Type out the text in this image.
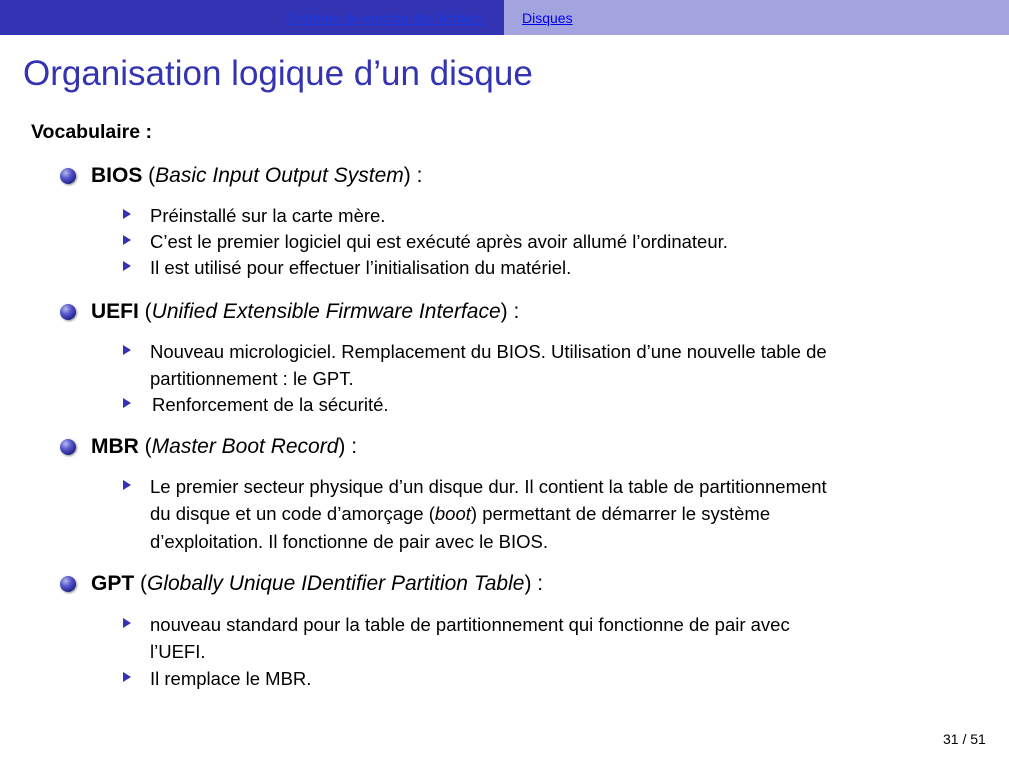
Système de gestion des fichiers	Disques
Organisation logique d’un disque
Vocabulaire :
BIOS (Basic Input Output System) :
Préinstallé sur la carte mère.
C’est le premier logiciel qui est exécuté après avoir allumé l’ordinateur.
Il est utilisé pour effectuer l’initialisation du matériel.
UEFI (Unified Extensible Firmware Interface) :
Nouveau micrologiciel. Remplacement du BIOS. Utilisation d’une nouvelle table de
partitionnement : le GPT.
Renforcement de la sécurité.
MBR (Master Boot Record) :
Le premier secteur physique d’un disque dur. Il contient la table de partitionnement
du disque et un code d’amorçage (boot) permettant de démarrer le système
d’exploitation. Il fonctionne de pair avec le BIOS.
GPT (Globally Unique IDentifier Partition Table) :
nouveau standard pour la table de partitionnement qui fonctionne de pair avec
l’UEFI.
Il remplace le MBR.
31 / 51
